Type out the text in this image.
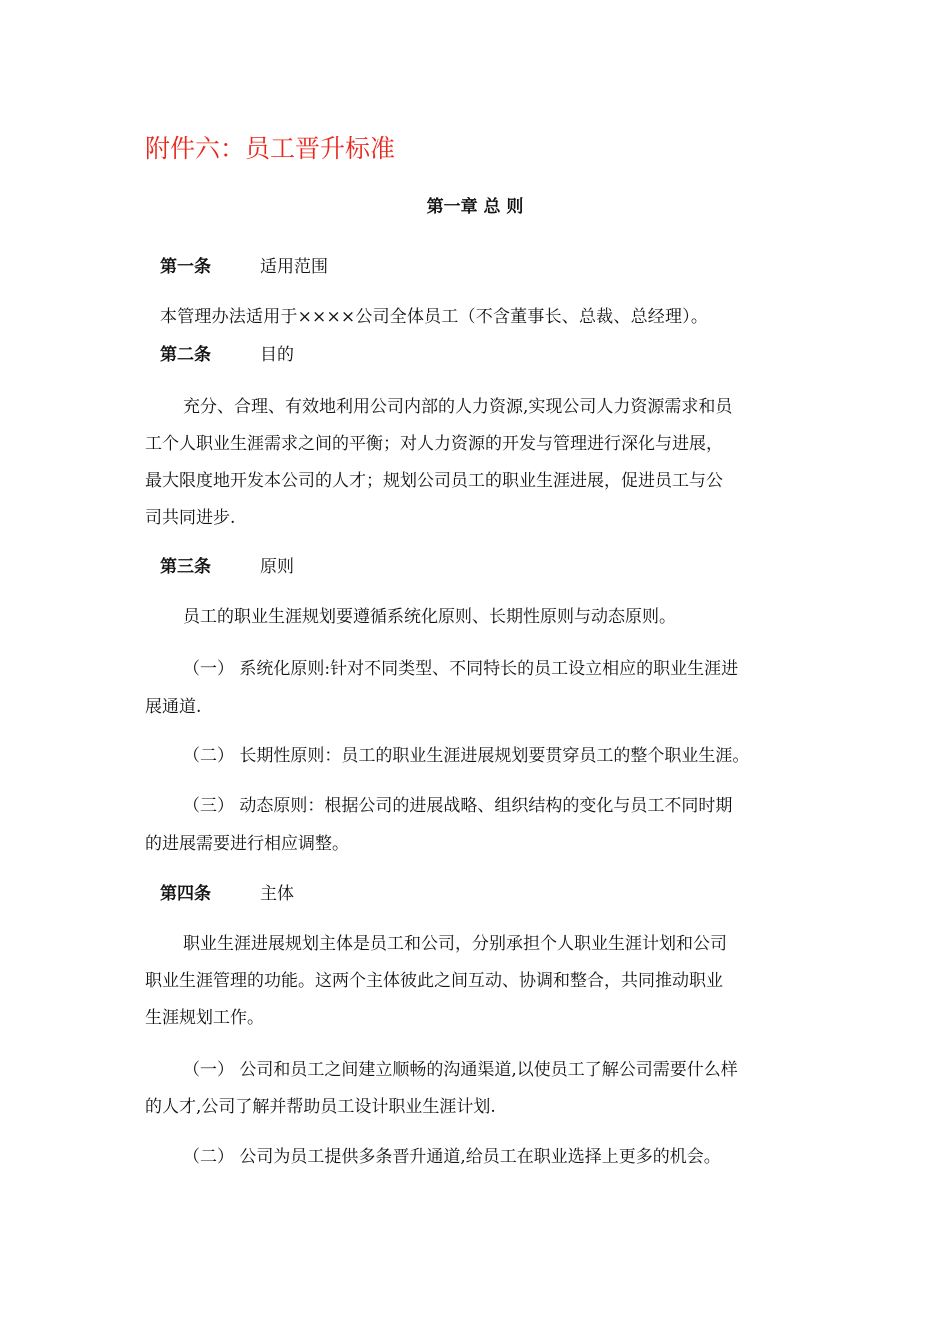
附件六：员工晋升标准
第一章 总 则
第一条	适用范围
本管理办法适用于××××公司全体员工（不含董事长、总裁、总经理）。
第二条	目的
充分、合理、有效地利用公司内部的人力资源,实现公司人力资源需求和员
工个人职业生涯需求之间的平衡；对人力资源的开发与管理进行深化与进展，
最大限度地开发本公司的人才；规划公司员工的职业生涯进展，促进员工与公
司共同进步.
第三条	原则
员工的职业生涯规划要遵循系统化原则、长期性原则与动态原则。
（一） 系统化原则:针对不同类型、不同特长的员工设立相应的职业生涯进
展通道.
（二） 长期性原则：员工的职业生涯进展规划要贯穿员工的整个职业生涯。
（三） 动态原则：根据公司的进展战略、组织结构的变化与员工不同时期
的进展需要进行相应调整。
第四条	主体
职业生涯进展规划主体是员工和公司，分别承担个人职业生涯计划和公司
职业生涯管理的功能。这两个主体彼此之间互动、协调和整合，共同推动职业
生涯规划工作。
（一） 公司和员工之间建立顺畅的沟通渠道,以使员工了解公司需要什么样
的人才,公司了解并帮助员工设计职业生涯计划.
（二） 公司为员工提供多条晋升通道,给员工在职业选择上更多的机会。
